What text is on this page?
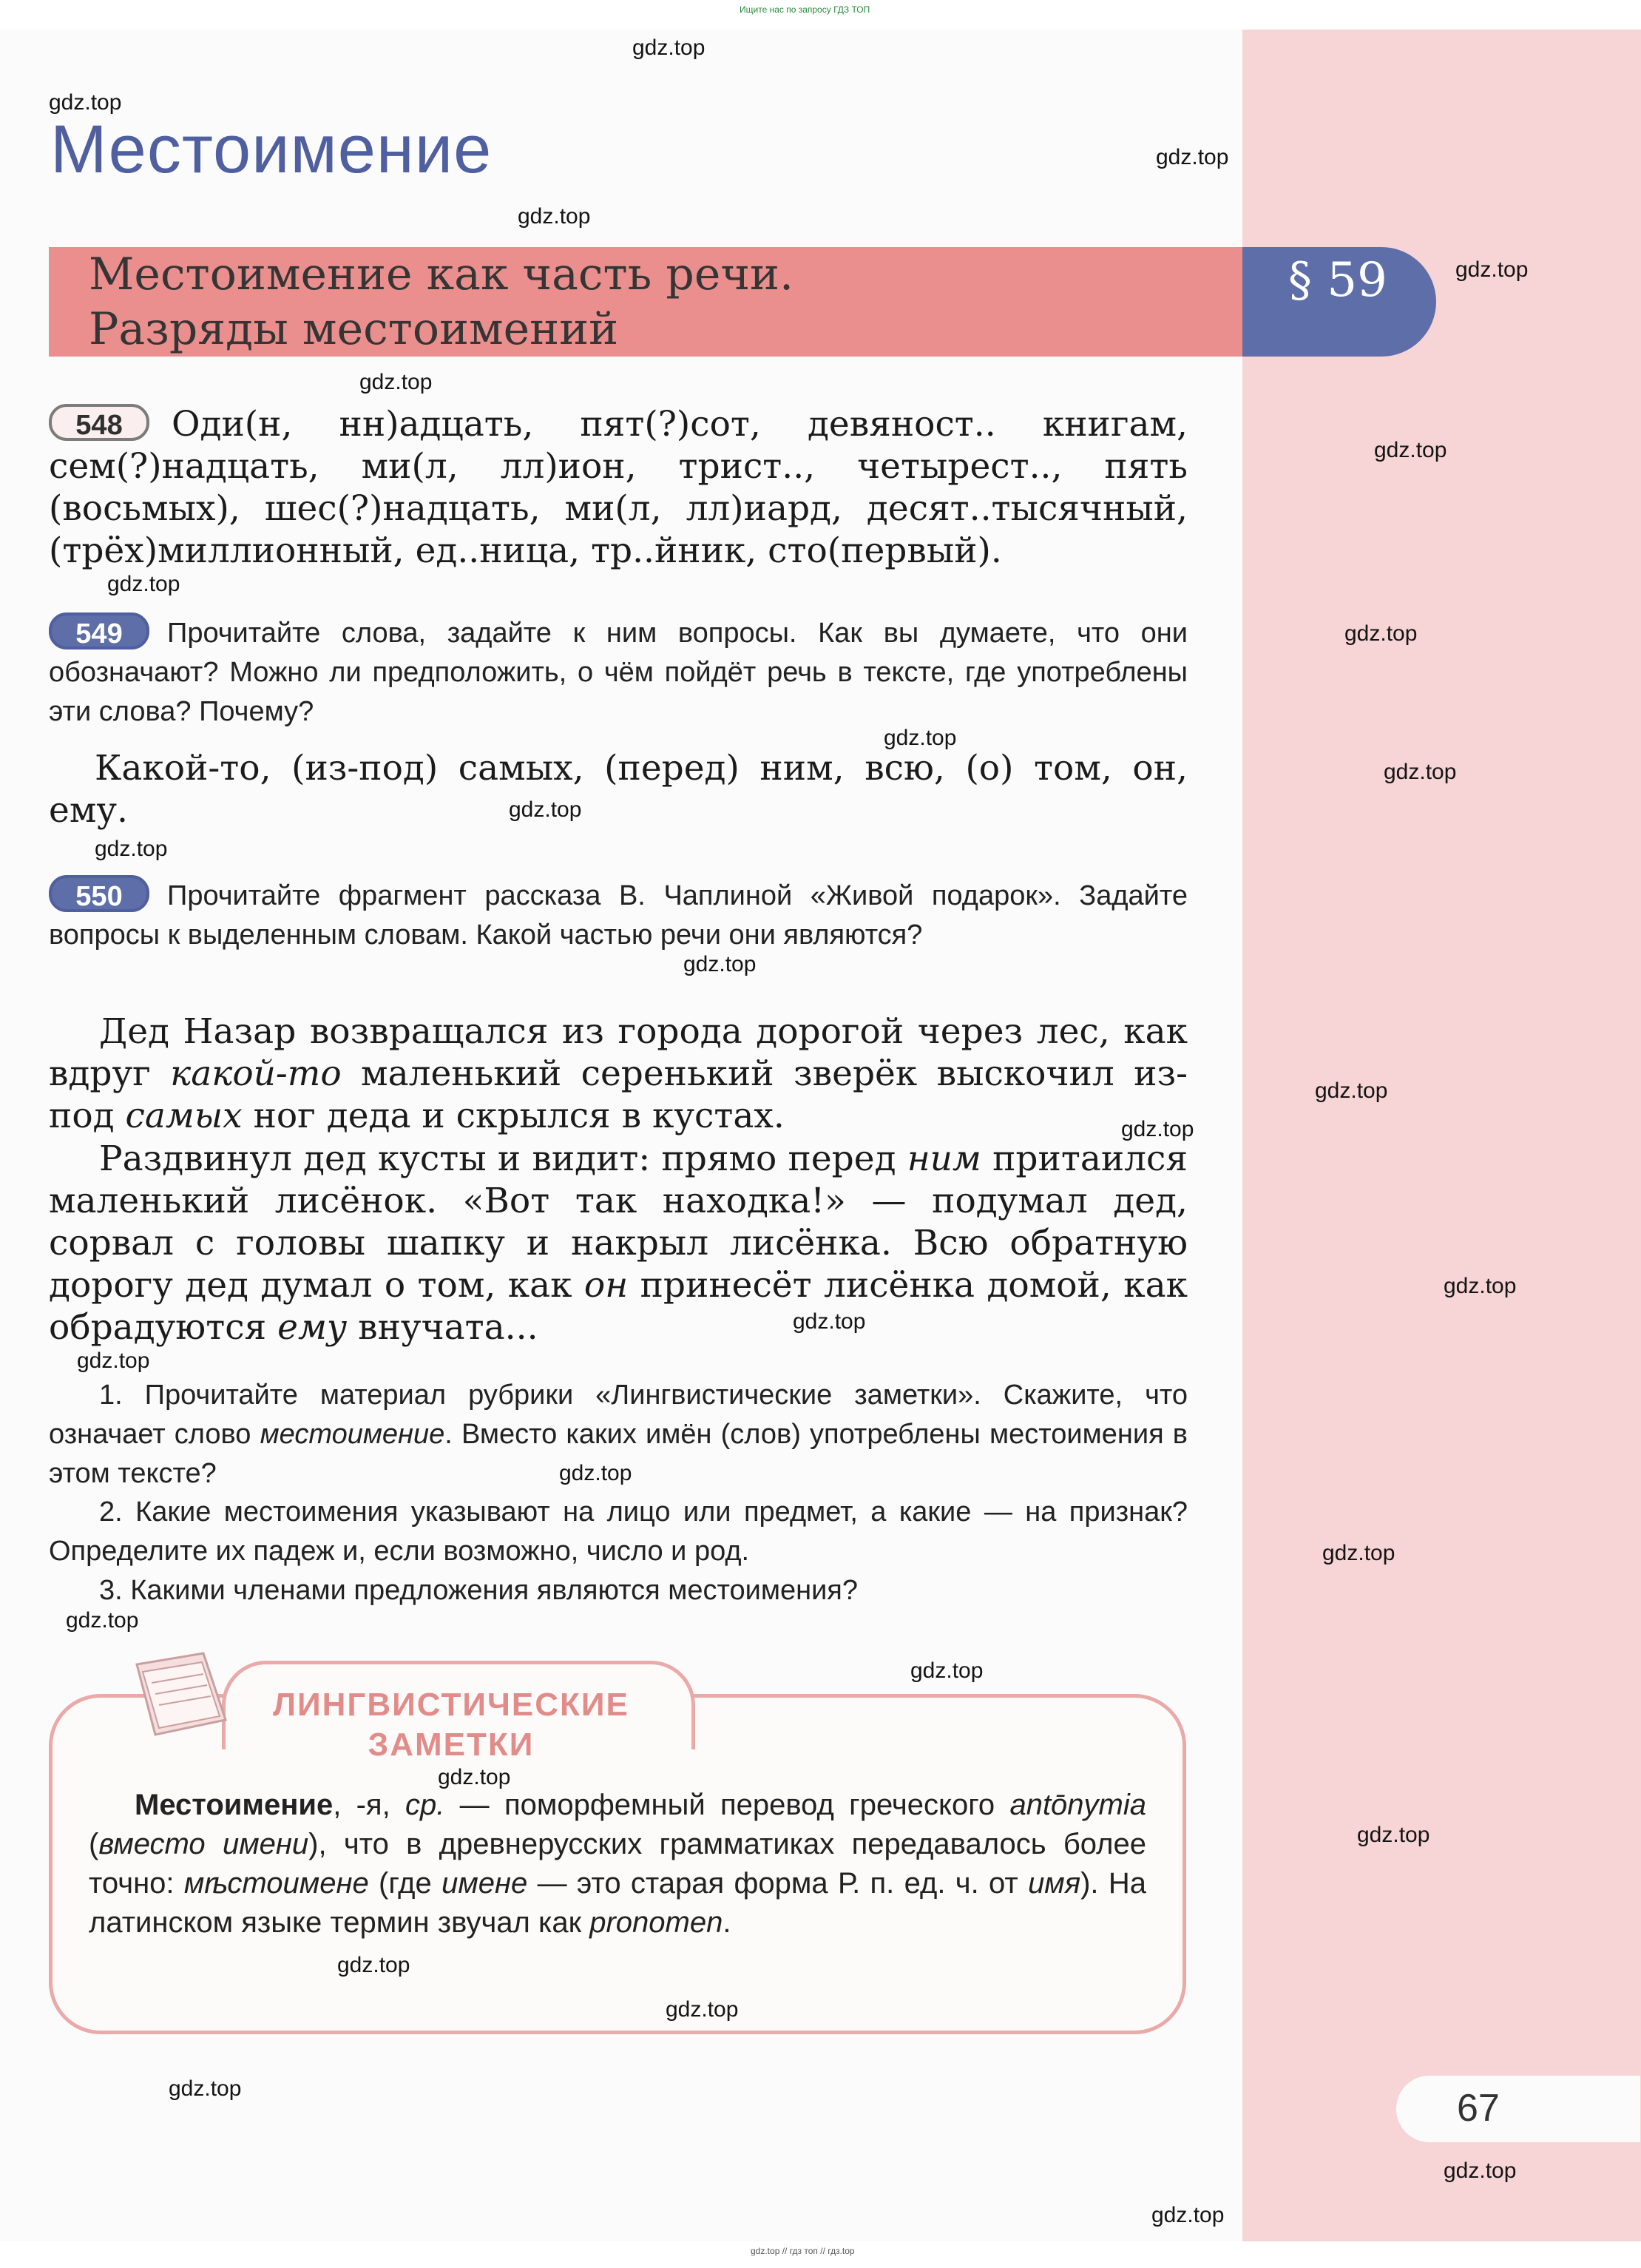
Ищите нас по запросу ГДЗ ТОП
Местоимение
Местоимение как часть речи.
Разряды местоимений
§ 59
548	Оди(н, нн)адцать, пят(?)сот, девяност.. книгам,
сем(?)надцать, ми(л, лл)ион, трист.., четырест.., пять
(восьмых), шес(?)надцать, ми(л, лл)иард, десят..тысячный,
(трёх)миллионный, ед..ница, тр..йник, сто(первый).
549	Прочитайте слова, задайте к ним вопросы. Как вы думаете, что они обозначают? Можно ли предположить, о чём пойдёт речь в тексте, где употреблены эти слова? Почему?
Какой-то, (из-под) самых, (перед) ним, всю, (о) том, он, ему.
550	Прочитайте фрагмент рассказа В. Чаплиной «Живой подарок». Задайте вопросы к выделенным словам. Какой частью речи они являются?
Дед Назар возвращался из города дорогой через лес, как вдруг какой-то маленький серенький зверёк выскочил из-под самых ног деда и скрылся в кустах.
Раздвинул дед кусты и видит: прямо перед ним притаился маленький лисёнок. «Вот так находка!» — подумал дед, сорвал с головы шапку и накрыл лисёнка. Всю обратную дорогу дед думал о том, как он принесёт лисёнка домой, как обрадуются ему внучата...
1. Прочитайте материал рубрики «Лингвистические заметки». Скажите, что означает слово местоимение. Вместо каких имён (слов) употреблены местоимения в этом тексте?
2. Какие местоимения указывают на лицо или предмет, а какие — на признак? Определите их падеж и, если возможно, число и род.
3. Какими членами предложения являются местоимения?
ЛИНГВИСТИЧЕСКИЕ
ЗАМЕТКИ
Местоимение, -я, ср. — поморфемный перевод греческого antōnymia (вместо имени), что в древнерусских грамматиках передавалось более точно: мѣстоимене (где имене — это старая форма Р. п. ед. ч. от имя). На латинском языке термин звучал как pronomen.
67
gdz.top
gdz.top
gdz.top
gdz.top
gdz.top
gdz.top
gdz.top
gdz.top
gdz.top
gdz.top
gdz.top
gdz.top
gdz.top
gdz.top
gdz.top
gdz.top
gdz.top
gdz.top
gdz.top
gdz.top
gdz.top
gdz.top
gdz.top
gdz.top
gdz.top
gdz.top
gdz.top
gdz.top
gdz.top
gdz.top
gdz.top // гдз топ // гдз.top
